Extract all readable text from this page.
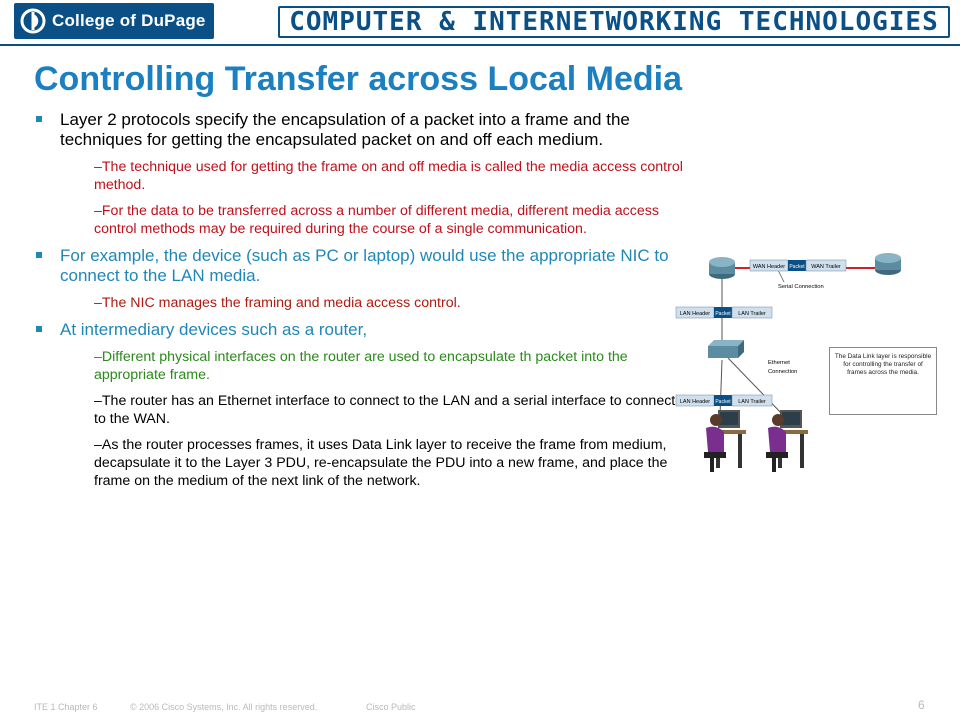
College of DuPage	COMPUTER & INTERNETWORKING TECHNOLOGIES
Controlling Transfer across Local Media
Layer 2 protocols specify the encapsulation of a packet into a frame and the techniques for getting the encapsulated packet on and off each medium.
–The technique used for getting the frame on and off media is called the media access control method.
–For the data to be transferred across a number of different media, different media access control methods may be required during the course of a single communication.
For example, the device (such as PC or laptop) would use the appropriate NIC to connect to the LAN media.
–The NIC manages the framing and media access control.
At intermediary devices such as a router,
–Different physical interfaces on the router are used to encapsulate th packet into the appropriate frame.
–The router has an Ethernet interface to connect to the LAN and a serial interface to connect to the WAN.
–As the router processes frames, it uses Data Link layer to receive the frame from medium, decapsulate it to the Layer 3 PDU, re-encapsulate the PDU into a new frame, and place the frame on the medium of the next link of the network.
WAN Header Packet WAN Trailer
Serial Connection
LAN Header Packet LAN Trailer
Ethernet
Connection
LAN Header Packet LAN Trailer
The Data Link layer is responsible for controlling the transfer of frames across the media.
ITE 1 Chapter 6	© 2006 Cisco Systems, Inc. All rights reserved.	Cisco Public	6
